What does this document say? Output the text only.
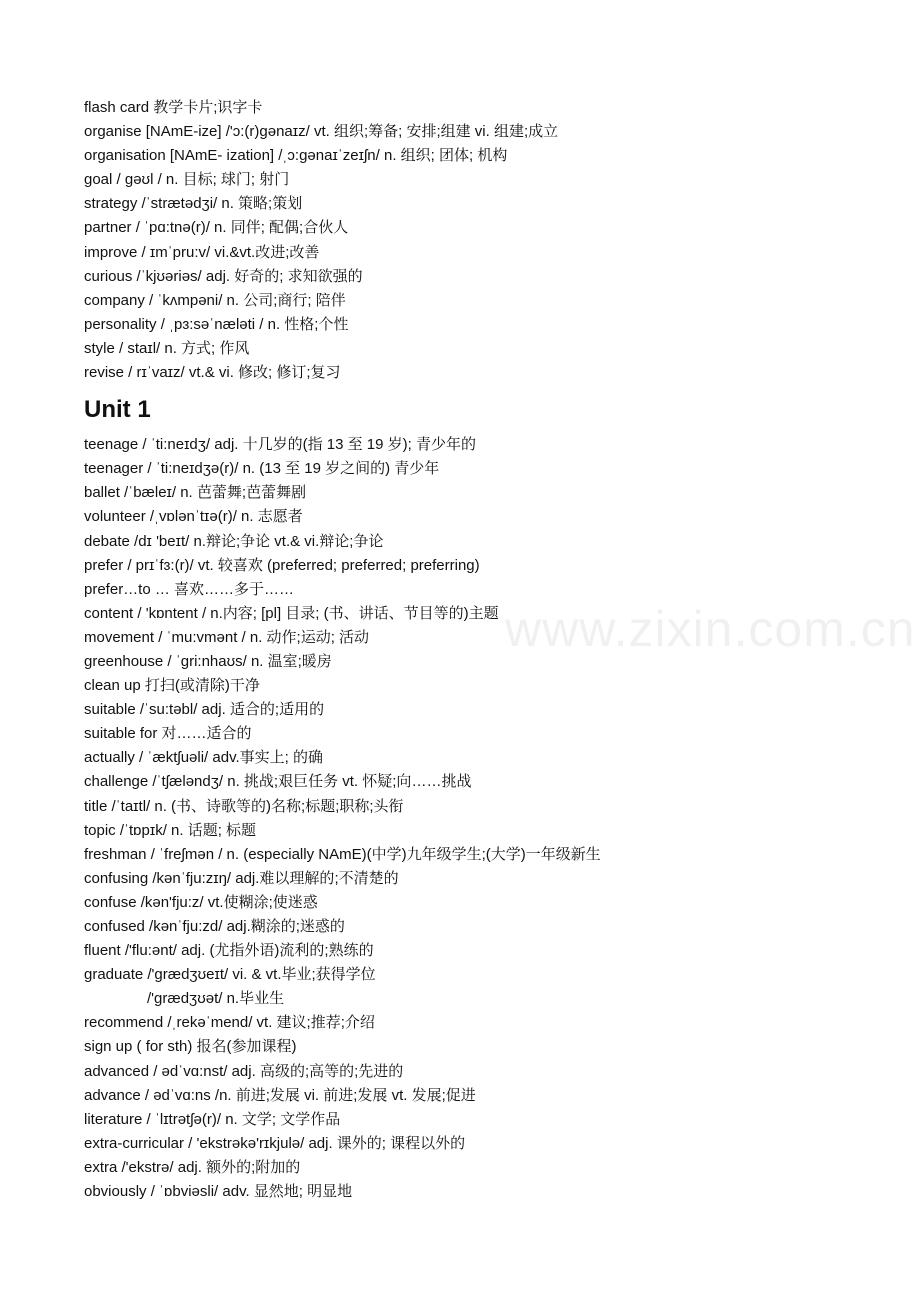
flash card 教学卡片;识字卡

organise [NAmE-ize] /'ɔ:(r)gənaɪz/ vt. 组织;筹备; 安排;组建 vi. 组建;成立

organisation [NAmE- ization] /ˌɔ:gənaɪˈzeɪʃn/ n. 组织; 团体; 机构

goal / gəʊl / n. 目标; 球门; 射门

strategy /ˈstrætədʒi/ n. 策略;策划

partner / ˈpɑ:tnə(r)/ n. 同伴; 配偶;合伙人

improve / ɪmˈpru:v/ vi.&vt.改进;改善

curious /ˈkjʊəriəs/ adj. 好奇的; 求知欲强的

company / ˈkʌmpəni/ n. 公司;商行; 陪伴

personality / ˌpɜ:səˈnæləti / n. 性格;个性

style / staɪl/ n. 方式; 作风

revise / rɪˈvaɪz/ vt.& vi. 修改; 修订;复习

Unit 1

teenage / ˈti:neɪdʒ/ adj. 十几岁的(指 13 至 19 岁); 青少年的

teenager / ˈti:neɪdʒə(r)/ n. (13 至 19 岁之间的) 青少年

ballet /ˈbæleɪ/ n. 芭蕾舞;芭蕾舞剧

volunteer /ˌvɒlənˈtɪə(r)/ n. 志愿者

debate /dɪ 'beɪt/ n.辩论;争论 vt.& vi.辩论;争论

prefer / prɪˈfɜ:(r)/ vt. 较喜欢 (preferred; preferred; preferring)

prefer…to … 喜欢……多于……

content / 'kɒntent / n.内容; [pl] 目录; (书、讲话、节目等的)主题

movement / ˈmu:vmənt / n. 动作;运动; 活动

greenhouse / ˈgri:nhaʊs/ n. 温室;暖房

clean up 打扫(或清除)干净

suitable /ˈsu:təbl/ adj. 适合的;适用的

suitable for 对……适合的

actually / ˈæktʃuəli/ adv.事实上; 的确

challenge /ˈtʃæləndʒ/ n. 挑战;艰巨任务 vt. 怀疑;向……挑战

title /ˈtaɪtl/ n. (书、诗歌等的)名称;标题;职称;头衔

topic /ˈtɒpɪk/ n. 话题; 标题

freshman / ˈfreʃmən / n. (especially NAmE)(中学)九年级学生;(大学)一年级新生

confusing /kənˈfju:zɪŋ/ adj.难以理解的;不清楚的

confuse /kən'fju:z/ vt.使糊涂;使迷惑

confused /kənˈfju:zd/ adj.糊涂的;迷惑的

fluent /'flu:ənt/ adj. (尤指外语)流利的;熟练的

graduate /'grædʒʊeɪt/ vi. & vt.毕业;获得学位

/'grædʒʊət/ n.毕业生

recommend /ˌrekəˈmend/ vt. 建议;推荐;介绍

sign up ( for sth) 报名(参加课程)

advanced / ədˈvɑ:nst/ adj. 高级的;高等的;先进的

advance / ədˈvɑ:ns /n. 前进;发展 vi. 前进;发展 vt. 发展;促进

literature / ˈlɪtrətʃə(r)/ n. 文学; 文学作品

extra-curricular / 'ekstrəkə'rɪkjulə/ adj. 课外的; 课程以外的

extra /'ekstrə/ adj. 额外的;附加的

obviously / ˈɒbviəsli/ adv. 显然地; 明显地

www.zixin.com.cn
